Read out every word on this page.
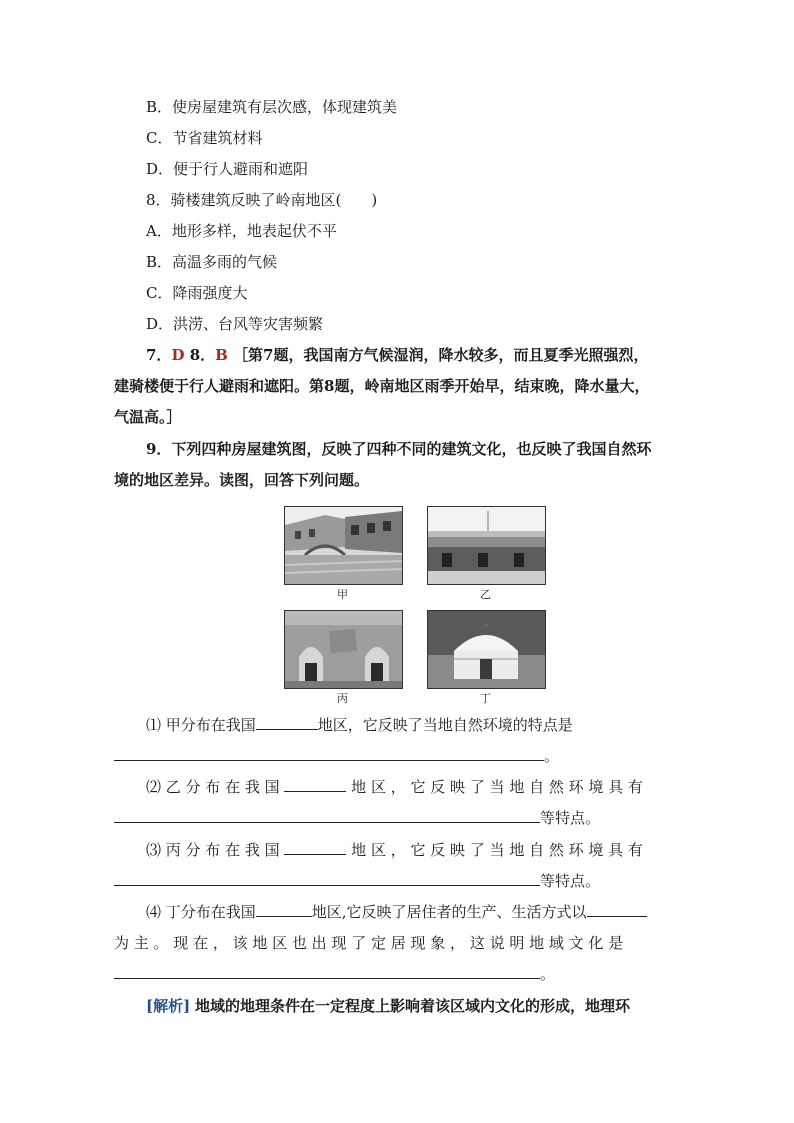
B．使房屋建筑有层次感，体现建筑美
C．节省建筑材料
D．便于行人避雨和遮阳
8．骑楼建筑反映了岭南地区(　　)
A．地形多样，地表起伏不平
B．高温多雨的气候
C．降雨强度大
D．洪涝、台风等灾害频繁
7．D 8．B ［第7题，我国南方气候湿润，降水较多，而且夏季光照强烈，
建骑楼便于行人避雨和遮阳。第8题，岭南地区雨季开始早，结束晚，降水量大，
气温高。］
9．下列四种房屋建筑图，反映了四种不同的建筑文化，也反映了我国自然环
境的地区差异。读图，回答下列问题。
甲	乙
丙	丁
⑴ 甲分布在我国	地区，它反映了当地自然环境的特点是
。
⑵ 乙 分 布 在 我 国	地 区 ， 它 反 映 了 当 地 自 然 环 境 具 有
等特点。
⑶ 丙 分 布 在 我 国	地 区 ， 它 反 映 了 当 地 自 然 环 境 具 有
等特点。
⑷ 丁分布在我国	地区,它反映了居住者的生产、生活方式以
为 主 。 现 在 ， 该 地 区 也 出 现 了 定 居 现 象 ， 这 说 明 地 域 文 化 是
。
[解析] 地域的地理条件在一定程度上影响着该区域内文化的形成，地理环
